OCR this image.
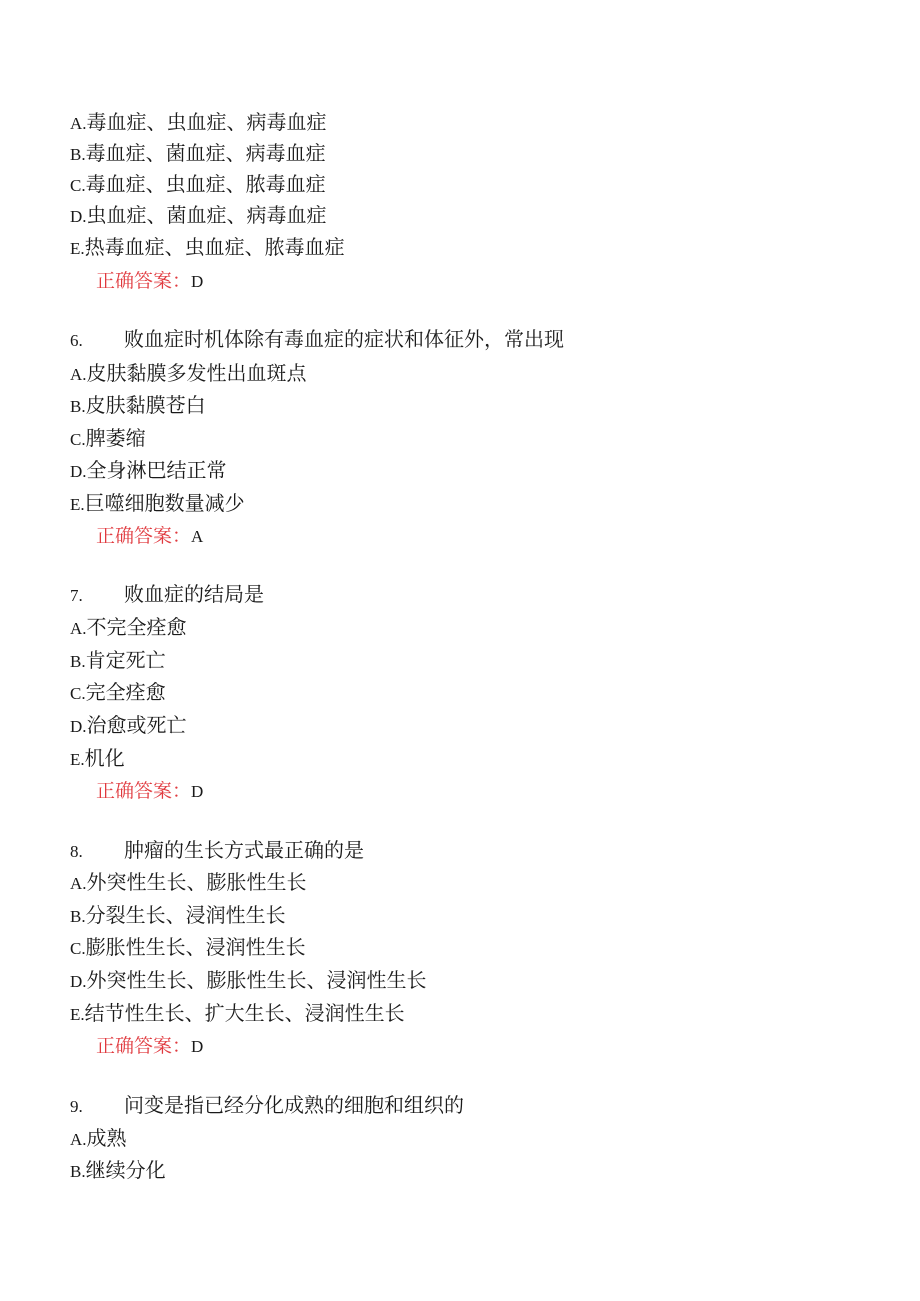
A.毒血症、虫血症、病毒血症
B.毒血症、菌血症、病毒血症
C.毒血症、虫血症、脓毒血症
D.虫血症、菌血症、病毒血症
E.热毒血症、虫血症、脓毒血症
正确答案：D
6. 败血症时机体除有毒血症的症状和体征外，常出现
A.皮肤黏膜多发性出血斑点
B.皮肤黏膜苍白
C.脾萎缩
D.全身淋巴结正常
E.巨噬细胞数量减少
正确答案：A
7. 败血症的结局是
A.不完全痊愈
B.肯定死亡
C.完全痊愈
D.治愈或死亡
E.机化
正确答案：D
8. 肿瘤的生长方式最正确的是
A.外突性生长、膨胀性生长
B.分裂生长、浸润性生长
C.膨胀性生长、浸润性生长
D.外突性生长、膨胀性生长、浸润性生长
E.结节性生长、扩大生长、浸润性生长
正确答案：D
9. 问变是指已经分化成熟的细胞和组织的
A.成熟
B.继续分化
